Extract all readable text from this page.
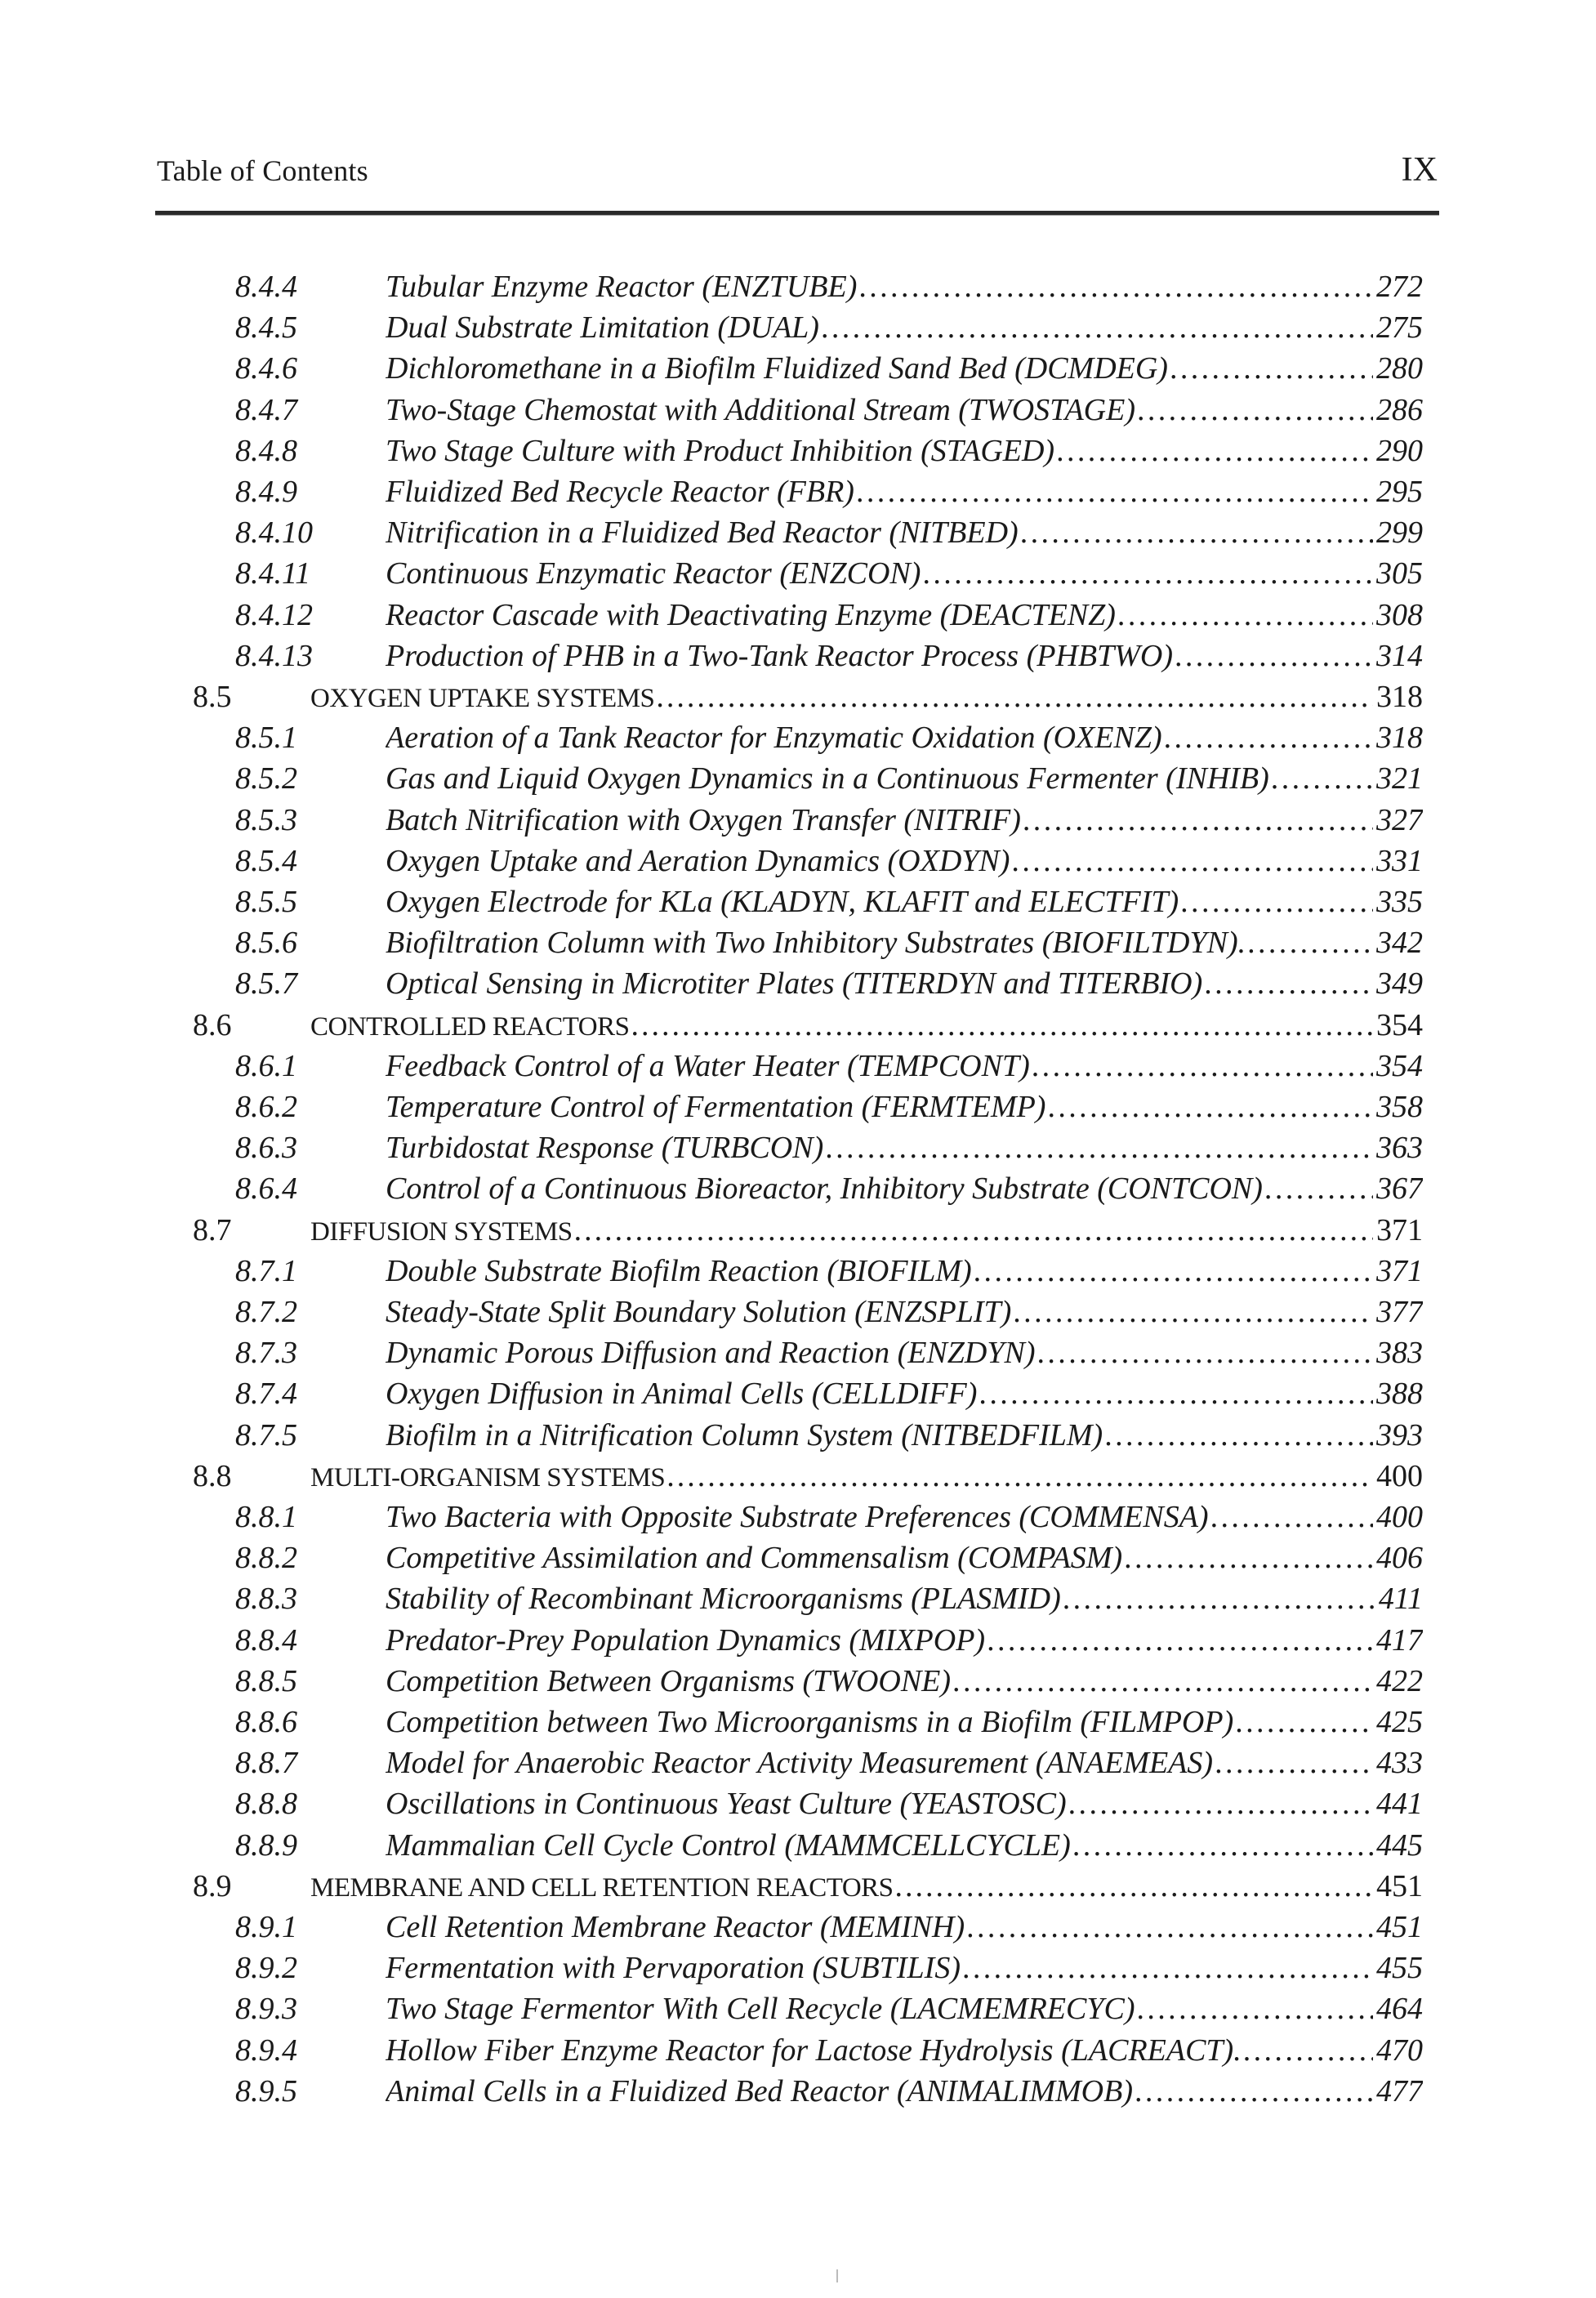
Table of Contents	IX
8.4.4	Tubular Enzyme Reactor (ENZTUBE) .....	272
8.4.5	Dual Substrate Limitation (DUAL) .....	275
8.4.6	Dichloromethane in a Biofilm Fluidized Sand Bed (DCMDEG) .....	280
8.4.7	Two-Stage Chemostat with Additional Stream (TWOSTAGE) .....	286
8.4.8	Two Stage Culture with Product Inhibition (STAGED) .....	290
8.4.9	Fluidized Bed Recycle Reactor (FBR) .....	295
8.4.10 Nitrification in a Fluidized Bed Reactor (NITBED) .....	299
8.4.11 Continuous Enzymatic Reactor (ENZCON) .....	305
8.4.12 Reactor Cascade with Deactivating Enzyme (DEACTENZ) .....	308
8.4.13 Production of PHB in a Two-Tank Reactor Process (PHBTWO) .....	314
8.5	OXYGEN UPTAKE SYSTEMS .....	318
8.5.1	Aeration of a Tank Reactor for Enzymatic Oxidation (OXENZ) .....	318
8.5.2	Gas and Liquid Oxygen Dynamics in a Continuous Fermenter (INHIB) .....	321
8.5.3	Batch Nitrification with Oxygen Transfer (NITRIF) .....	327
8.5.4	Oxygen Uptake and Aeration Dynamics (OXDYN) .....	331
8.5.5	Oxygen Electrode for KLa (KLADYN, KLAFIT and ELECTFIT) .....	335
8.5.6	Biofiltration Column with Two Inhibitory Substrates (BIOFILTDYN). .....	342
8.5.7	Optical Sensing in Microtiter Plates (TITERDYN and TITERBIO) .....	349
8.6	CONTROLLED REACTORS .....	354
8.6.1	Feedback Control of a Water Heater (TEMPCONT) .....	354
8.6.2	Temperature Control of Fermentation (FERMTEMP) .....	358
8.6.3	Turbidostat Response (TURBCON) .....	363
8.6.4	Control of a Continuous Bioreactor, Inhibitory Substrate (CONTCON) .....	367
8.7	DIFFUSION SYSTEMS .....	371
8.7.1	Double Substrate Biofilm Reaction (BIOFILM) .....	371
8.7.2	Steady-State Split Boundary Solution (ENZSPLIT) .....	377
8.7.3	Dynamic Porous Diffusion and Reaction (ENZDYN) .....	383
8.7.4	Oxygen Diffusion in Animal Cells (CELLDIFF) .....	388
8.7.5	Biofilm in a Nitrification Column System (NITBEDFILM) .....	393
8.8	MULTI-ORGANISM SYSTEMS .....	400
8.8.1	Two Bacteria with Opposite Substrate Preferences (COMMENSA) .....	400
8.8.2	Competitive Assimilation and Commensalism (COMPASM) .....	406
8.8.3	Stability of Recombinant Microorganisms (PLASMID) .....	411
8.8.4	Predator-Prey Population Dynamics (MIXPOP) .....	417
8.8.5	Competition Between Organisms (TWOONE) .....	422
8.8.6	Competition between Two Microorganisms in a Biofilm (FILMPOP) .....	425
8.8.7	Model for Anaerobic Reactor Activity Measurement (ANAEMEAS) .....	433
8.8.8	Oscillations in Continuous Yeast Culture (YEASTOSC) .....	441
8.8.9	Mammalian Cell Cycle Control (MAMMCELLCYCLE) .....	445
8.9	MEMBRANE AND CELL RETENTION REACTORS .....	451
8.9.1	Cell Retention Membrane Reactor (MEMINH) .....	451
8.9.2	Fermentation with Pervaporation (SUBTILIS) .....	455
8.9.3	Two Stage Fermentor With Cell Recycle (LACMEMRECYC) .....	464
8.9.4	Hollow Fiber Enzyme Reactor for Lactose Hydrolysis (LACREACT). .....	470
8.9.5	Animal Cells in a Fluidized Bed Reactor (ANIMALIMMOB) .....	477
